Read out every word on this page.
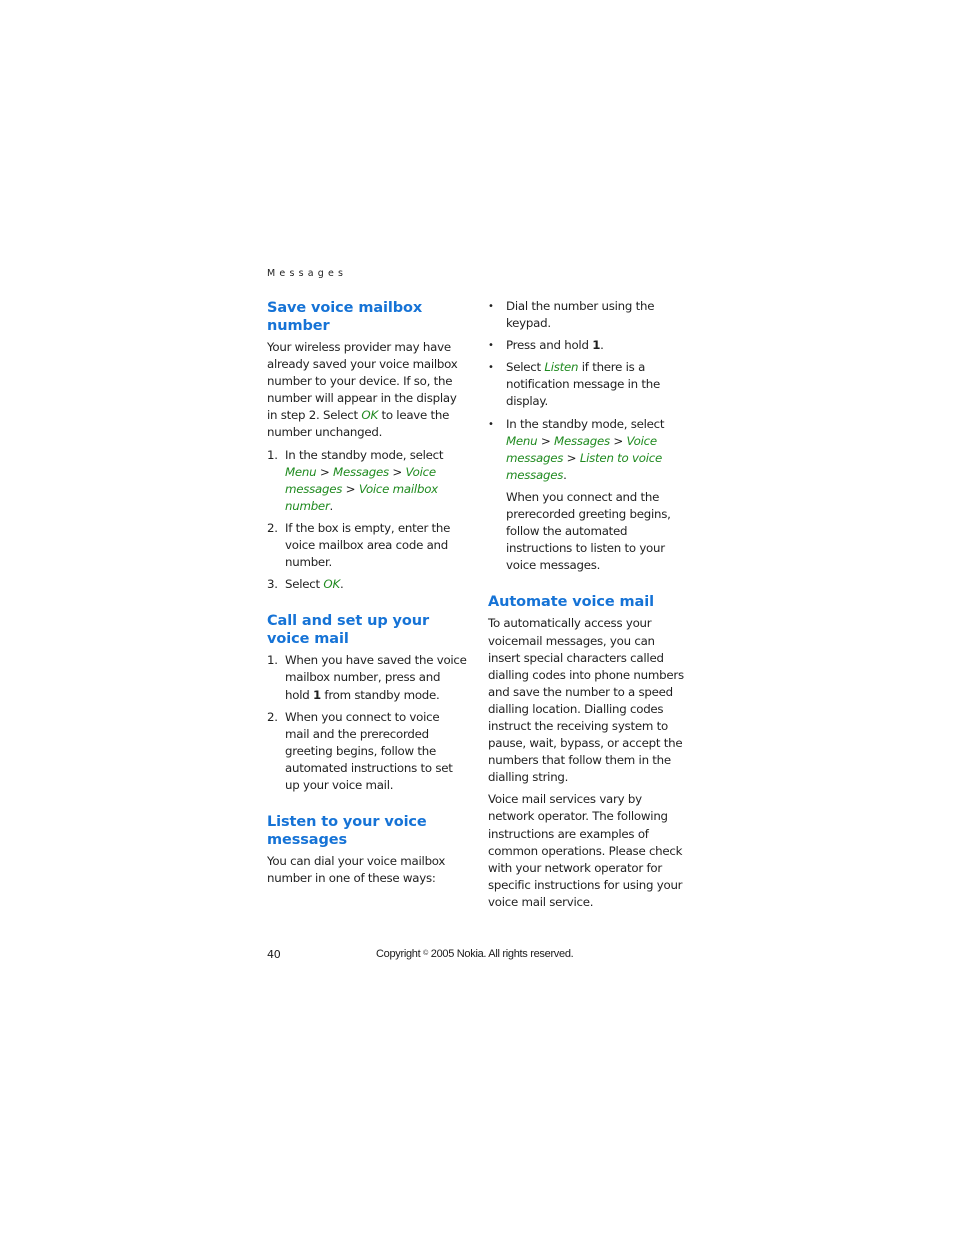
Messages
Save voice mailbox number

Your wireless provider may have already saved your voice mailbox number to your device. If so, the number will appear in the display in step 2. Select OK to leave the number unchanged.

1. In the standby mode, select Menu > Messages > Voice messages > Voice mailbox number.
2. If the box is empty, enter the voice mailbox area code and number.
3. Select OK.
Call and set up your voice mail
1. When you have saved the voice mailbox number, press and hold 1 from standby mode.
2. When you connect to voice mail and the prerecorded greeting begins, follow the automated instructions to set up your voice mail.
Listen to your voice messages

You can dial your voice mailbox number in one of these ways:

• Dial the number using the keypad.
• Press and hold 1.
• Select Listen if there is a notification message in the display.
• In the standby mode, select Menu > Messages > Voice messages > Listen to voice messages.
When you connect and the prerecorded greeting begins, follow the automated instructions to listen to your voice messages.
Automate voice mail

To automatically access your voicemail messages, you can insert special characters called dialling codes into phone numbers and save the number to a speed dialling location. Dialling codes instruct the receiving system to pause, wait, bypass, or accept the numbers that follow them in the dialling string.

Voice mail services vary by network operator. The following instructions are examples of common operations. Please check with your network operator for specific instructions for using your voice mail service.

40	Copyright © 2005 Nokia. All rights reserved.
